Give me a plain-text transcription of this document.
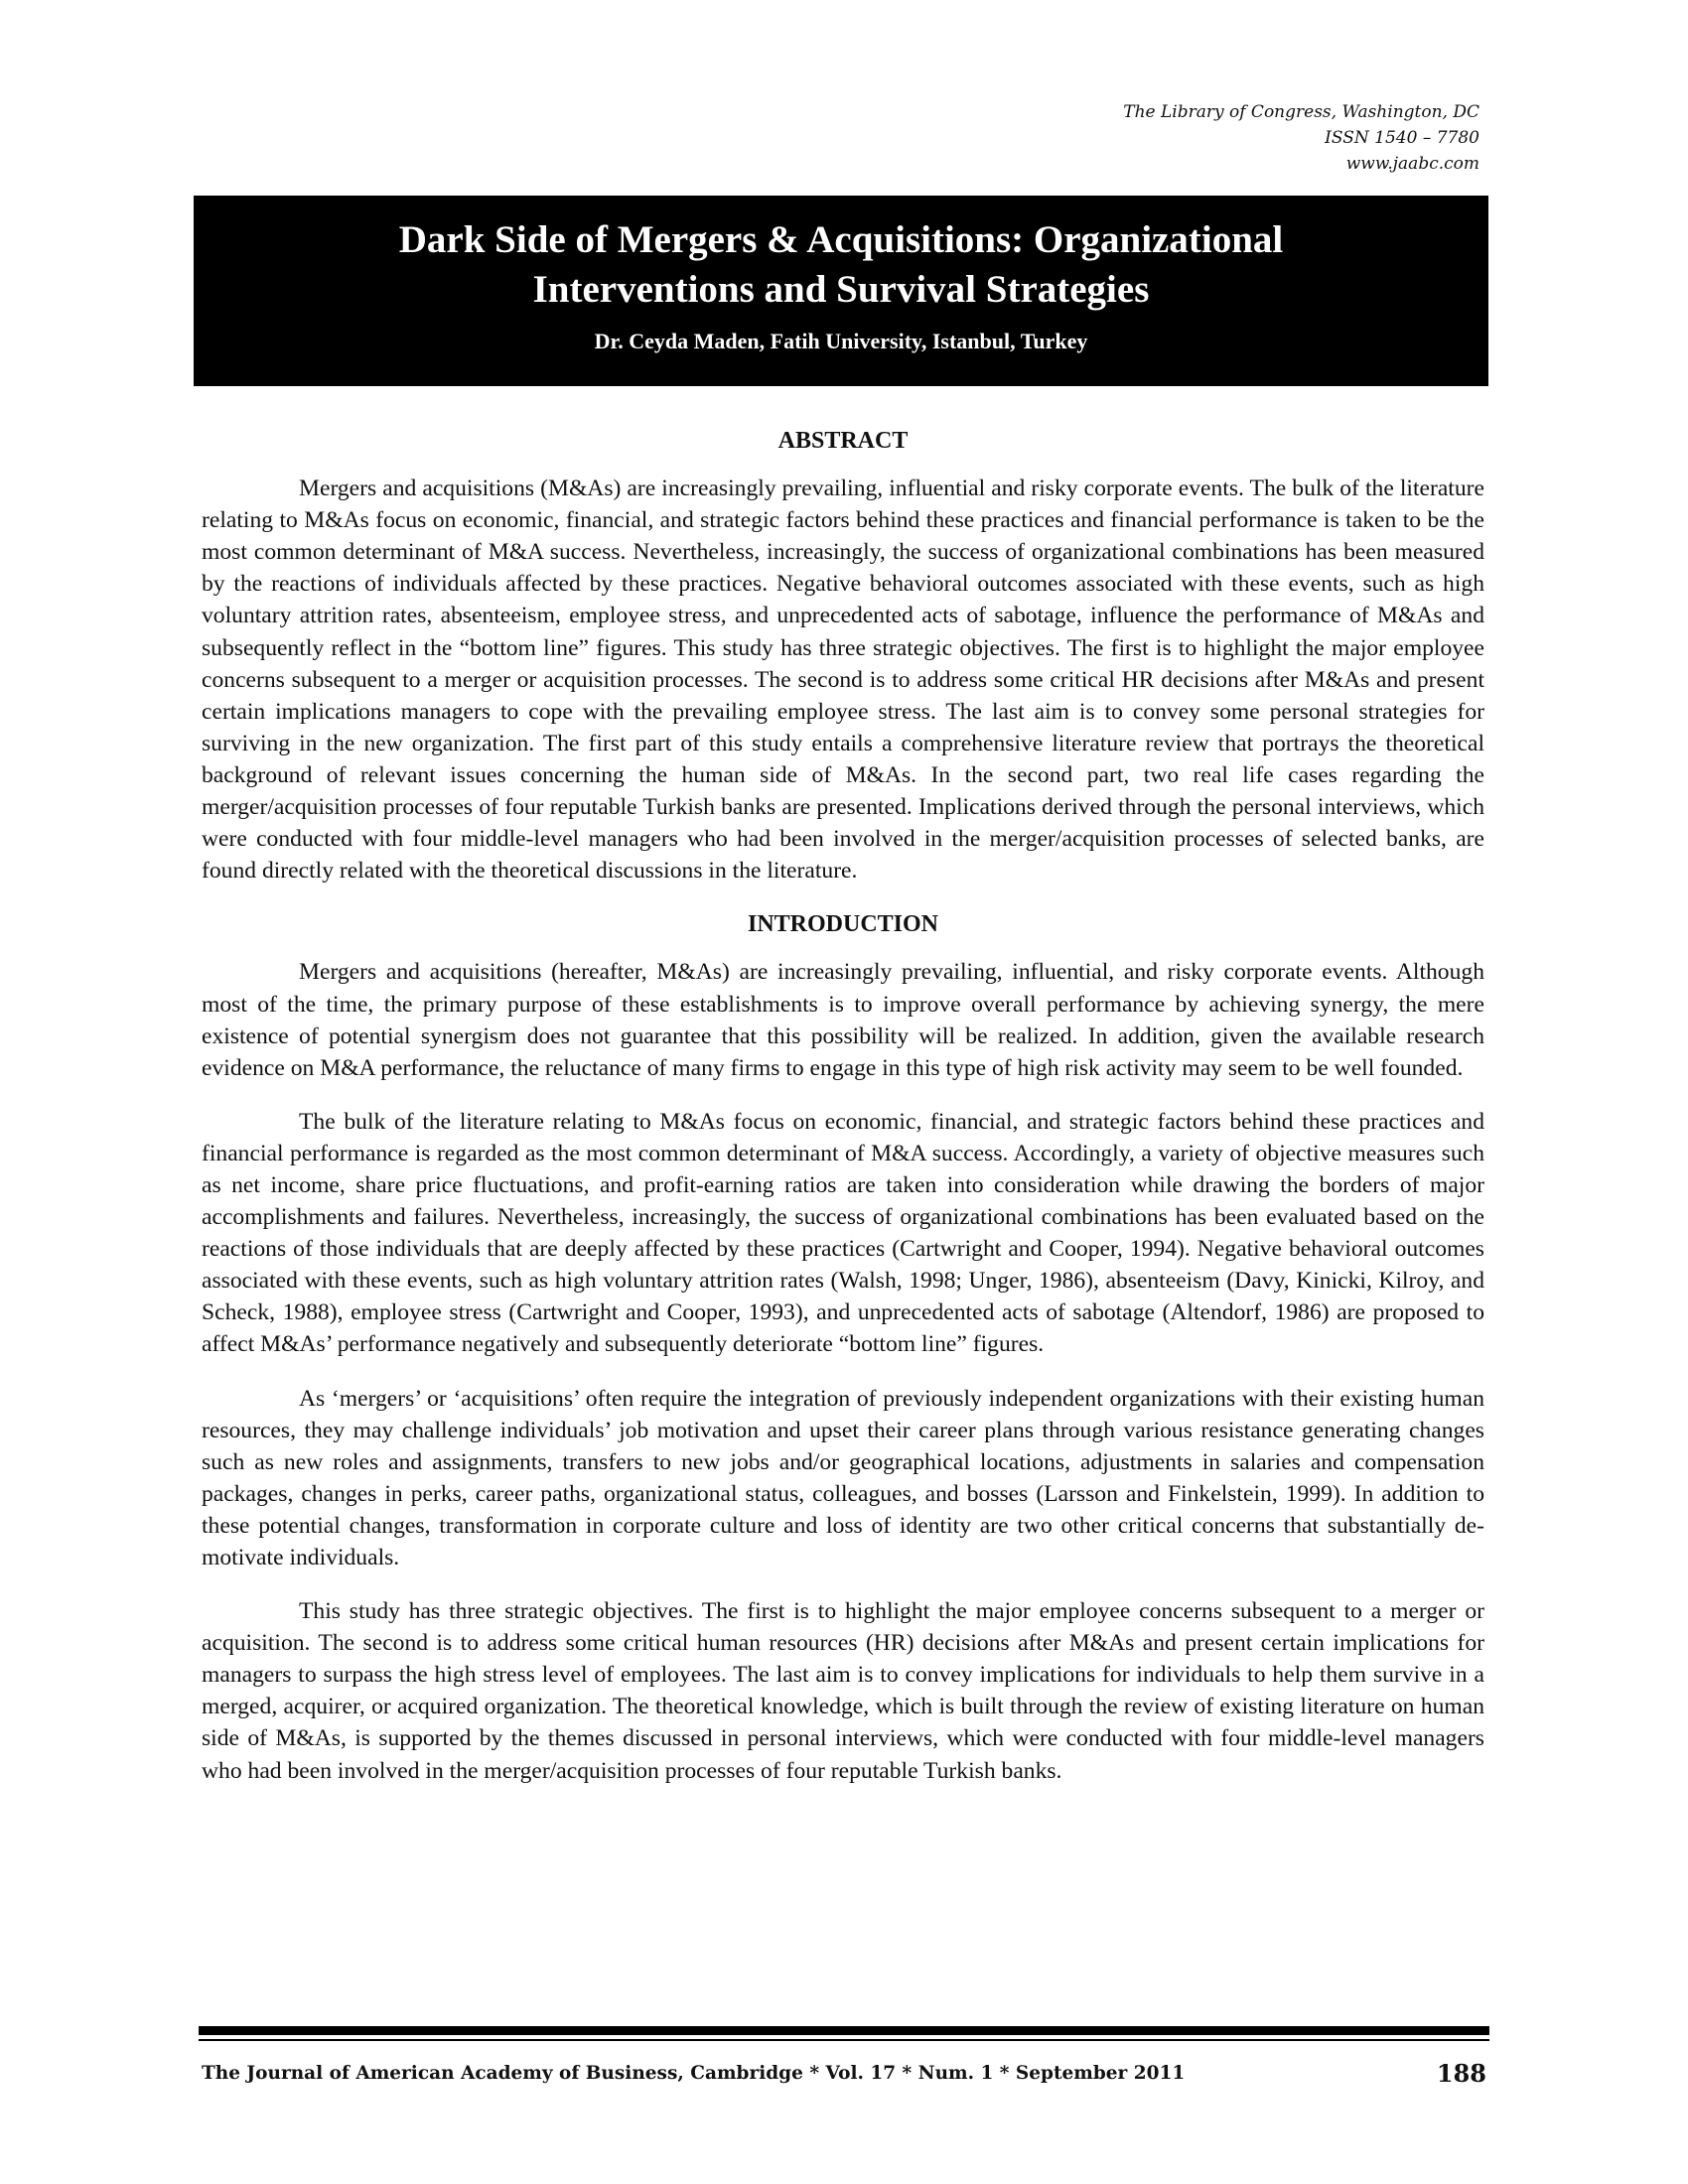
The Library of Congress, Washington, DC
ISSN 1540 – 7780
www.jaabc.com
Dark Side of Mergers & Acquisitions: Organizational Interventions and Survival Strategies
Dr. Ceyda Maden, Fatih University, Istanbul, Turkey
ABSTRACT

Mergers and acquisitions (M&As) are increasingly prevailing, influential and risky corporate events. The bulk of the literature relating to M&As focus on economic, financial, and strategic factors behind these practices and financial performance is taken to be the most common determinant of M&A success. Nevertheless, increasingly, the success of organizational combinations has been measured by the reactions of individuals affected by these practices. Negative behavioral outcomes associated with these events, such as high voluntary attrition rates, absenteeism, employee stress, and unprecedented acts of sabotage, influence the performance of M&As and subsequently reflect in the “bottom line” figures. This study has three strategic objectives. The first is to highlight the major employee concerns subsequent to a merger or acquisition processes. The second is to address some critical HR decisions after M&As and present certain implications managers to cope with the prevailing employee stress. The last aim is to convey some personal strategies for surviving in the new organization. The first part of this study entails a comprehensive literature review that portrays the theoretical background of relevant issues concerning the human side of M&As. In the second part, two real life cases regarding the merger/acquisition processes of four reputable Turkish banks are presented. Implications derived through the personal interviews, which were conducted with four middle-level managers who had been involved in the merger/acquisition processes of selected banks, are found directly related with the theoretical discussions in the literature.

INTRODUCTION

Mergers and acquisitions (hereafter, M&As) are increasingly prevailing, influential, and risky corporate events. Although most of the time, the primary purpose of these establishments is to improve overall performance by achieving synergy, the mere existence of potential synergism does not guarantee that this possibility will be realized. In addition, given the available research evidence on M&A performance, the reluctance of many firms to engage in this type of high risk activity may seem to be well founded.

The bulk of the literature relating to M&As focus on economic, financial, and strategic factors behind these practices and financial performance is regarded as the most common determinant of M&A success. Accordingly, a variety of objective measures such as net income, share price fluctuations, and profit-earning ratios are taken into consideration while drawing the borders of major accomplishments and failures. Nevertheless, increasingly, the success of organizational combinations has been evaluated based on the reactions of those individuals that are deeply affected by these practices (Cartwright and Cooper, 1994). Negative behavioral outcomes associated with these events, such as high voluntary attrition rates (Walsh, 1998; Unger, 1986), absenteeism (Davy, Kinicki, Kilroy, and Scheck, 1988), employee stress (Cartwright and Cooper, 1993), and unprecedented acts of sabotage (Altendorf, 1986) are proposed to affect M&As’ performance negatively and subsequently deteriorate “bottom line” figures.

As ‘mergers’ or ‘acquisitions’ often require the integration of previously independent organizations with their existing human resources, they may challenge individuals’ job motivation and upset their career plans through various resistance generating changes such as new roles and assignments, transfers to new jobs and/or geographical locations, adjustments in salaries and compensation packages, changes in perks, career paths, organizational status, colleagues, and bosses (Larsson and Finkelstein, 1999). In addition to these potential changes, transformation in corporate culture and loss of identity are two other critical concerns that substantially de-motivate individuals.

This study has three strategic objectives. The first is to highlight the major employee concerns subsequent to a merger or acquisition. The second is to address some critical human resources (HR) decisions after M&As and present certain implications for managers to surpass the high stress level of employees. The last aim is to convey implications for individuals to help them survive in a merged, acquirer, or acquired organization. The theoretical knowledge, which is built through the review of existing literature on human side of M&As, is supported by the themes discussed in personal interviews, which were conducted with four middle-level managers who had been involved in the merger/acquisition processes of four reputable Turkish banks.

The Journal of American Academy of Business, Cambridge * Vol. 17 * Num. 1 * September 2011	188
